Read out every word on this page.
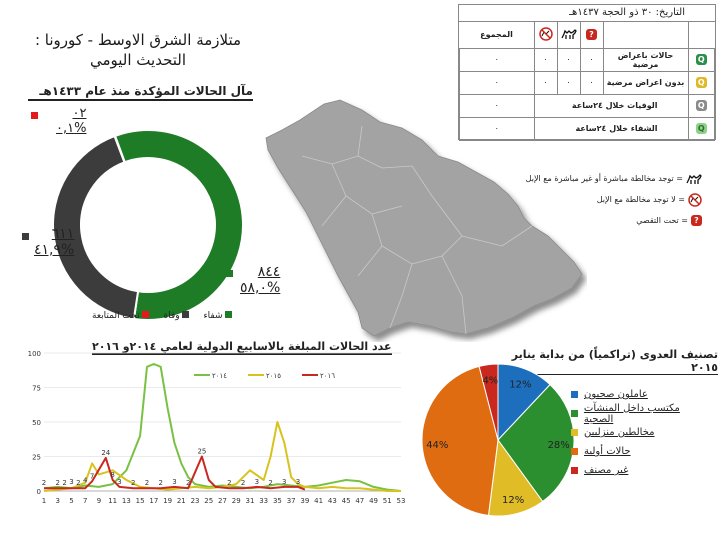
متلازمة الشرق الاوسط - كورونا :
التحديث اليومي
مآل الحالات المؤكدة منذ عام ١٤٣٣هـ
٠٢
٠,١%
٦١١
٤١,٩%
٨٤٤
٥٨,٠%
شفاء
وفاة
تحت المتابعة
التاريخ: ٣٠ ذو الحجة ١٤٣٧هـ
		?			المجموع
Q	حالات باعراض مرضية	٠	٠	٠	٠
Q	بدون اعراض مرضية	٠	٠	٠	٠
Q	الوفيات خلال ٢٤ساعة				٠
Q	الشفاء خلال ٢٤ساعة				٠
= توجد مخالطة مباشرة أو غير مباشرة مع الإبل
= لا توجد مخالطة مع الإبل
?
= تحت التقصي
عدد الحالات المبلغة بالاسابيع الدولية لعامي ٢٠١٤و ٢٠١٦
0
25
50
75
100
1 3 5 7 9 11 13 15 17 19 21 23 25 27 29 31 33 35 37 39 41 43 45 47 49 51 53
2 2 2 3 2 4
7
24
8
3 2 2 2 3 2
25
2 2 3 2 3 3
٢٠١٤	٢٠١٥	٢٠١٦
تصنيف العدوى (تراكمياً) من بداية يناير ٢٠١٥
12%
28%
12%
44%
4%
عاملون صحيون
مكتسب داخل المنشآت الصحية
مخالطين منزليين
حالات أولية
غير مصنف
